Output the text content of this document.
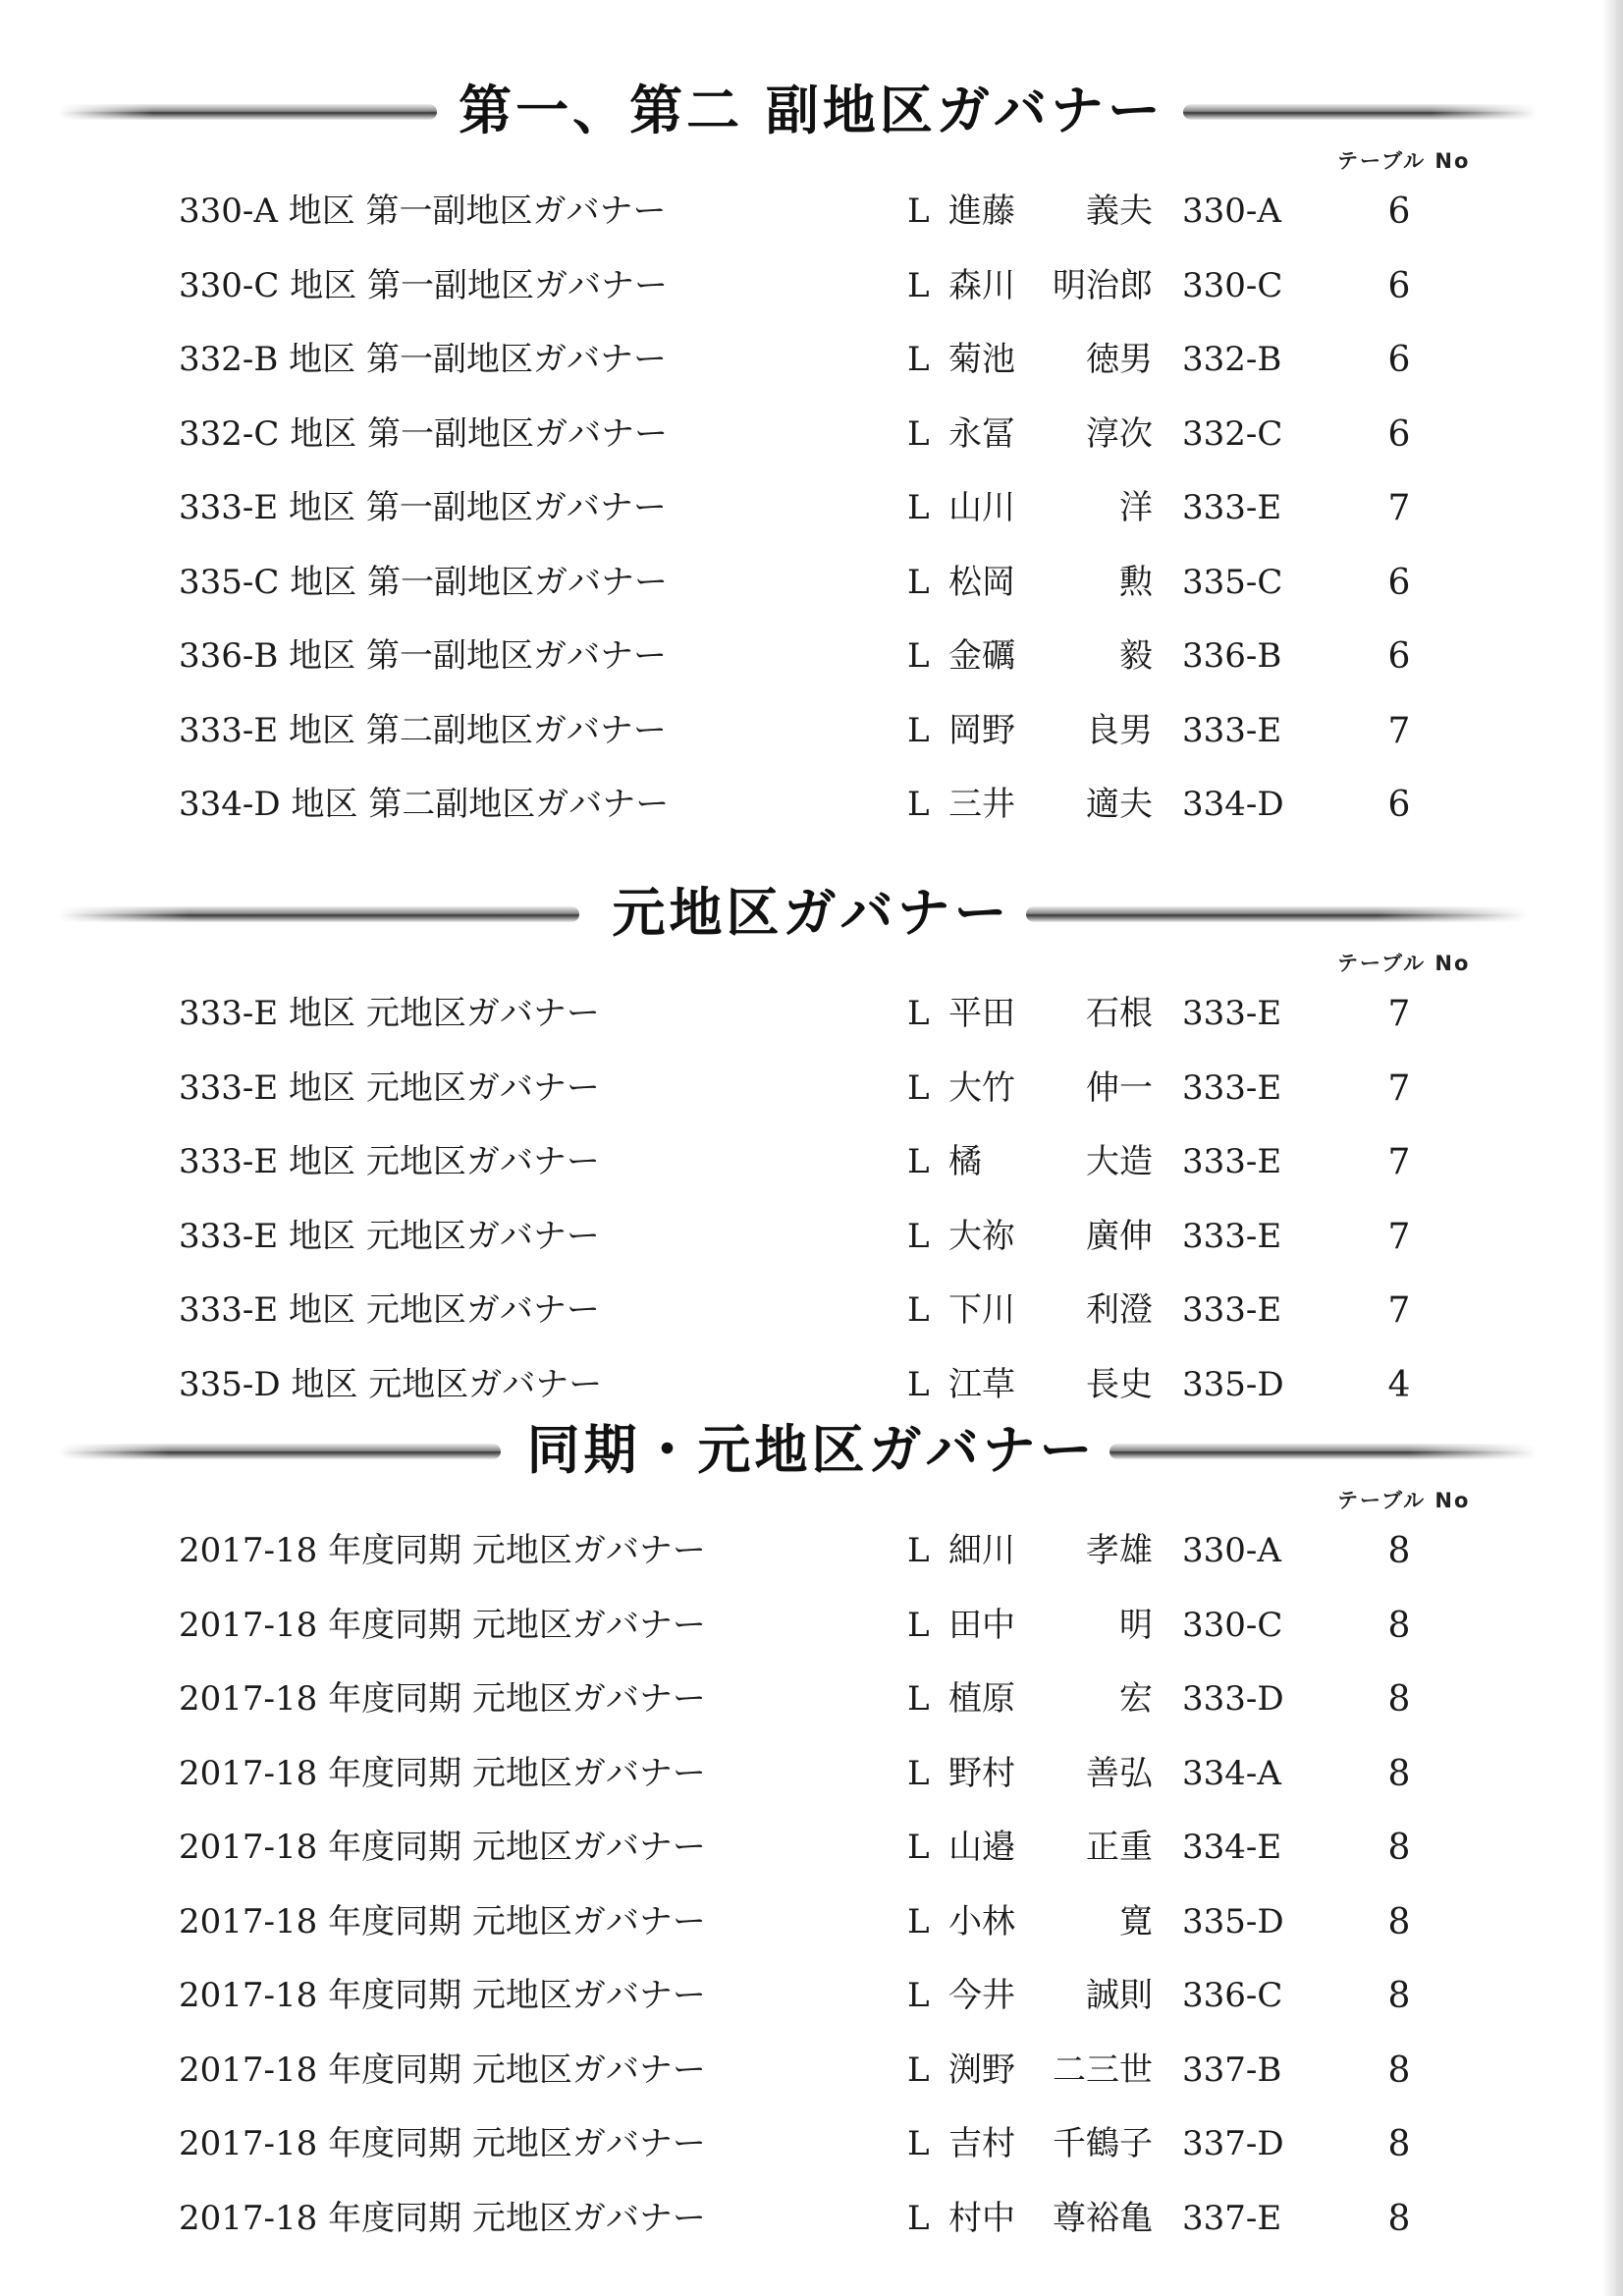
第一、第二 副地区ガバナー
テーブル No
330-A 地区 第一副地区ガバナー	L 進藤	義夫 330-A	6
330-C 地区 第一副地区ガバナー	L 森川	明治郎 330-C	6
332-B 地区 第一副地区ガバナー	L 菊池	徳男 332-B	6
332-C 地区 第一副地区ガバナー	L 永冨	淳次 332-C	6
333-E 地区 第一副地区ガバナー	L 山川	洋 333-E	7
335-C 地区 第一副地区ガバナー	L 松岡	勲 335-C	6
336-B 地区 第一副地区ガバナー	L 金礪	毅 336-B	6
333-E 地区 第二副地区ガバナー	L 岡野	良男 333-E	7
334-D 地区 第二副地区ガバナー	L 三井	適夫 334-D	6
元地区ガバナー
テーブル No
333-E 地区 元地区ガバナー	L 平田	石根 333-E	7
333-E 地区 元地区ガバナー	L 大竹	伸一 333-E	7
333-E 地区 元地区ガバナー	L 橘	大造 333-E	7
333-E 地区 元地区ガバナー	L 大祢	廣伸 333-E	7
333-E 地区 元地区ガバナー	L 下川	利澄 333-E	7
335-D 地区 元地区ガバナー	L 江草	長史 335-D	4
同期・元地区ガバナー
テーブル No
2017-18 年度同期 元地区ガバナー	L 細川	孝雄 330-A	8
2017-18 年度同期 元地区ガバナー	L 田中	明 330-C	8
2017-18 年度同期 元地区ガバナー	L 植原	宏 333-D	8
2017-18 年度同期 元地区ガバナー	L 野村	善弘 334-A	8
2017-18 年度同期 元地区ガバナー	L 山邉	正重 334-E	8
2017-18 年度同期 元地区ガバナー	L 小林	寛 335-D	8
2017-18 年度同期 元地区ガバナー	L 今井	誠則 336-C	8
2017-18 年度同期 元地区ガバナー	L 渕野	二三世 337-B	8
2017-18 年度同期 元地区ガバナー	L 吉村	千鶴子 337-D	8
2017-18 年度同期 元地区ガバナー	L 村中	尊裕亀 337-E	8
